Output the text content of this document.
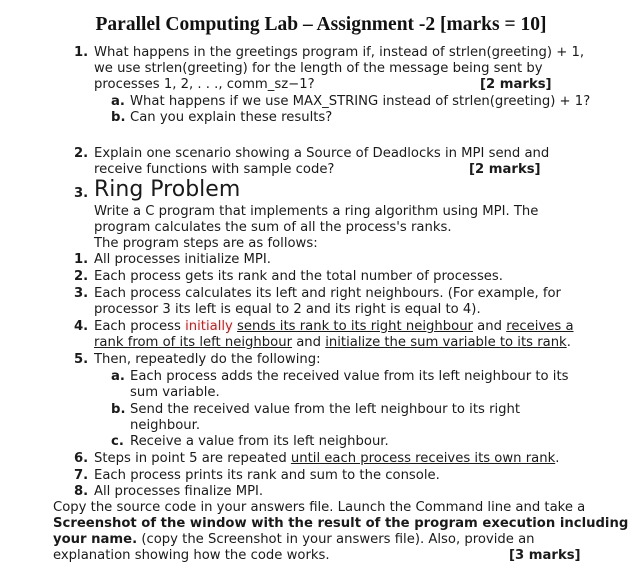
Parallel Computing Lab – Assignment -2 [marks = 10]
1. What happens in the greetings program if, instead of strlen(greeting) + 1,
we use strlen(greeting) for the length of the message being sent by
processes 1, 2, . . ., comm_sz−1?	[2 marks]
a. What happens if we use MAX_STRING instead of strlen(greeting) + 1?
b. Can you explain these results?
2. Explain one scenario showing a Source of Deadlocks in MPI send and
receive functions with sample code?	[2 marks]
3. Ring Problem
Write a C program that implements a ring algorithm using MPI. The
program calculates the sum of all the process's ranks.
The program steps are as follows:
1. All processes initialize MPI.
2. Each process gets its rank and the total number of processes.
3. Each process calculates its left and right neighbours. (For example, for
processor 3 its left is equal to 2 and its right is equal to 4).
4. Each process initially sends its rank to its right neighbour and receives a
rank from of its left neighbour and initialize the sum variable to its rank.
5. Then, repeatedly do the following:
a. Each process adds the received value from its left neighbour to its
sum variable.
b. Send the received value from the left neighbour to its right
neighbour.
c. Receive a value from its left neighbour.
6. Steps in point 5 are repeated until each process receives its own rank.
7. Each process prints its rank and sum to the console.
8. All processes finalize MPI.
Copy the source code in your answers file. Launch the Command line and take a
Screenshot of the window with the result of the program execution including
your name. (copy the Screenshot in your answers file). Also, provide an
explanation showing how the code works.	[3 marks]
